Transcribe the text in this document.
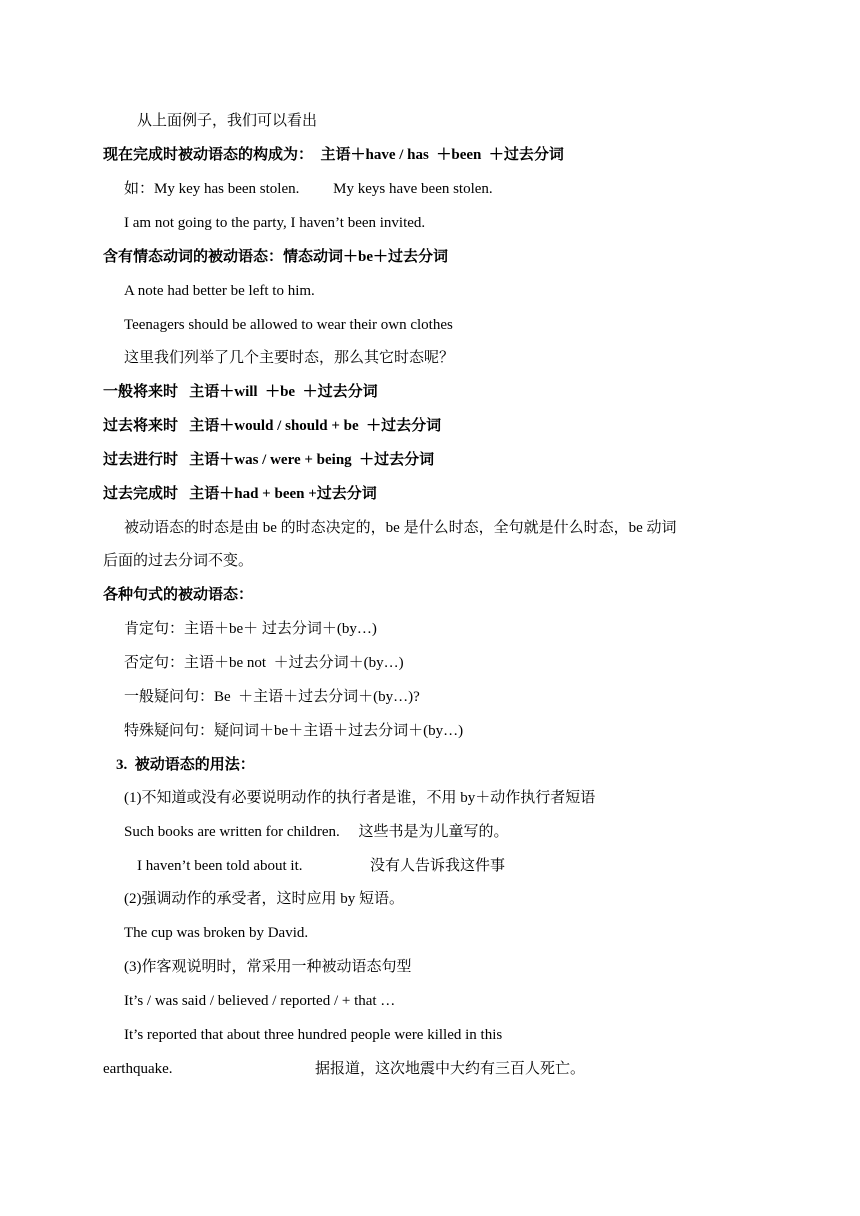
从上面例子，我们可以看出
现在完成时被动语态的构成为：  主语＋have / has  ＋been  ＋过去分词
如：My key has been stolen.         My keys have been stolen.
I am not going to the party, I haven’t been invited.
含有情态动词的被动语态：情态动词＋be＋过去分词
A note had better be left to him.
Teenagers should be allowed to wear their own clothes
这里我们列举了几个主要时态，那么其它时态呢？
一般将来时   主语＋will  ＋be  ＋过去分词
过去将来时   主语＋would / should + be  ＋过去分词
过去进行时   主语＋was / were + being  ＋过去分词
过去完成时   主语＋had + been +过去分词
被动语态的时态是由 be 的时态决定的，be 是什么时态，全句就是什么时态，be 动词
后面的过去分词不变。
各种句式的被动语态：
肯定句：主语＋be＋ 过去分词＋(by…)
否定句：主语＋be not  ＋过去分词＋(by…)
一般疑问句：Be  ＋主语＋过去分词＋(by…)?
特殊疑问句：疑问词＋be＋主语＋过去分词＋(by…)
3.  被动语态的用法：
(1)不知道或没有必要说明动作的执行者是谁，不用 by＋动作执行者短语
Such books are written for children.     这些书是为儿童写的。
I haven’t been told about it.                  没有人告诉我这件事
(2)强调动作的承受者，这时应用 by 短语。
The cup was broken by David.
(3)作客观说明时，常采用一种被动语态句型
It’s / was said / believed / reported / + that …
It’s reported that about three hundred people were killed in this
earthquake.                                      据报道，这次地震中大约有三百人死亡。
